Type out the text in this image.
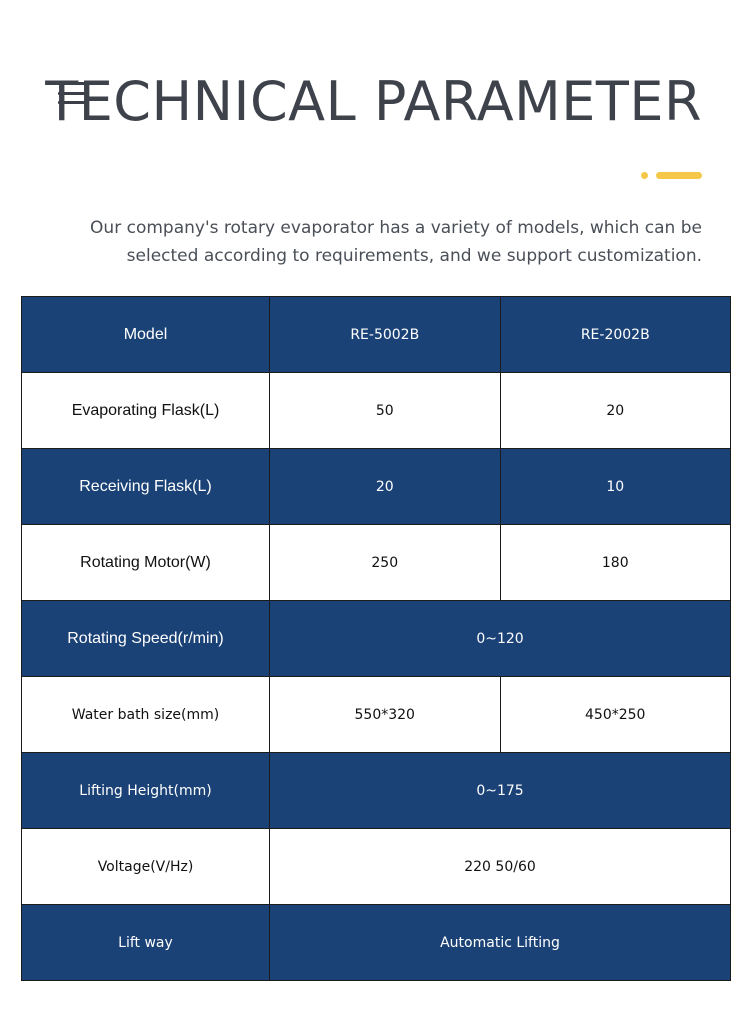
TECHNICAL PARAMETER

Our company's rotary evaporator has a variety of models, which can be selected according to requirements, and we support customization.

Model	RE-5002B	RE-2002B
Evaporating Flask(L)	50	20
Receiving Flask(L)	20	10
Rotating Motor(W)	250	180
Rotating Speed(r/min)	0~120	
Water bath size(mm)	550*320	450*250
Lifting Height(mm)	0~175	
Voltage(V/Hz)	220 50/60	
Lift way	Automatic Lifting	
